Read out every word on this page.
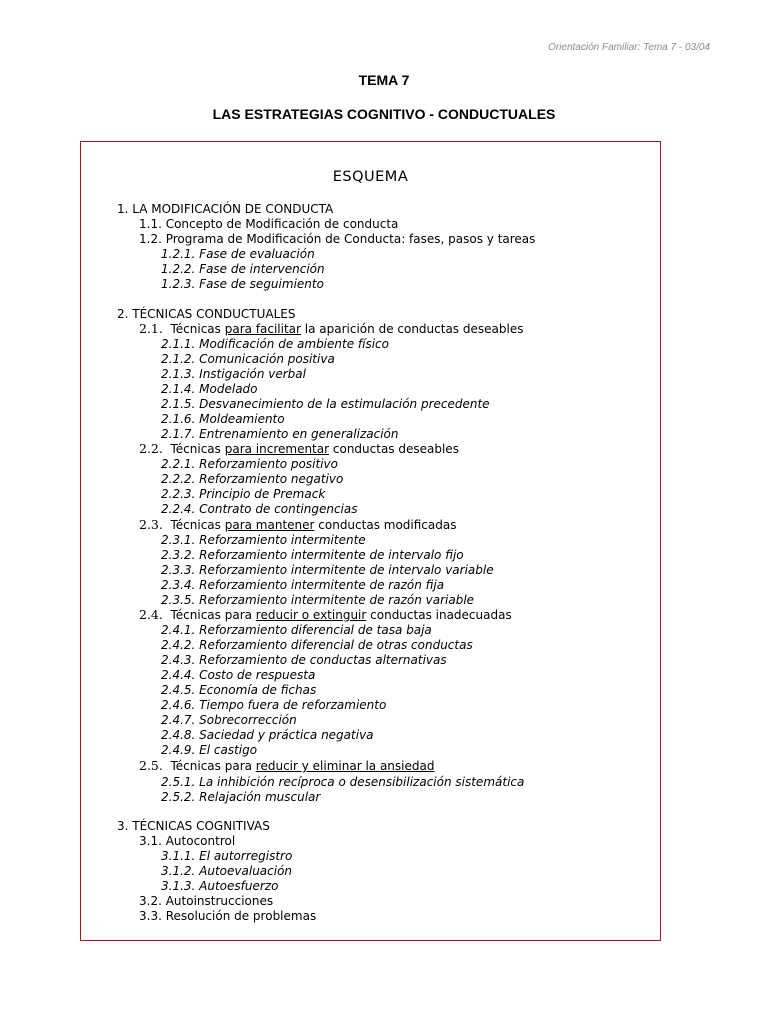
Orientación Familiar: Tema 7 - 03/04
TEMA 7
LAS ESTRATEGIAS COGNITIVO - CONDUCTUALES
ESQUEMA
1. LA MODIFICACIÓN DE CONDUCTA
1.1. Concepto de Modificación de conducta
1.2. Programa de Modificación de Conducta: fases, pasos y tareas
1.2.1. Fase de evaluación
1.2.2. Fase de intervención
1.2.3. Fase de seguimiento
2. TÉCNICAS CONDUCTUALES
2.1.  Técnicas para facilitar la aparición de conductas deseables
2.1.1. Modificación de ambiente físico
2.1.2. Comunicación positiva
2.1.3. Instigación verbal
2.1.4. Modelado
2.1.5. Desvanecimiento de la estimulación precedente
2.1.6. Moldeamiento
2.1.7. Entrenamiento en generalización
2.2.  Técnicas para incrementar conductas deseables
2.2.1. Reforzamiento positivo
2.2.2. Reforzamiento negativo
2.2.3. Principio de Premack
2.2.4. Contrato de contingencias
2.3.  Técnicas para mantener conductas modificadas
2.3.1. Reforzamiento intermitente
2.3.2. Reforzamiento intermitente de intervalo fijo
2.3.3. Reforzamiento intermitente de intervalo variable
2.3.4. Reforzamiento intermitente de razón fija
2.3.5. Reforzamiento intermitente de razón variable
2.4.  Técnicas para reducir o extinguir conductas inadecuadas
2.4.1. Reforzamiento diferencial de tasa baja
2.4.2. Reforzamiento diferencial de otras conductas
2.4.3. Reforzamiento de conductas alternativas
2.4.4. Costo de respuesta
2.4.5. Economía de fichas
2.4.6. Tiempo fuera de reforzamiento
2.4.7. Sobrecorrección
2.4.8. Saciedad y práctica negativa
2.4.9. El castigo
2.5.  Técnicas para reducir y eliminar la ansiedad
2.5.1. La inhibición recíproca o desensibilización sistemática
2.5.2. Relajación muscular
3. TÉCNICAS COGNITIVAS
3.1. Autocontrol
3.1.1. El autorregistro
3.1.2. Autoevaluación
3.1.3. Autoesfuerzo
3.2. Autoinstrucciones
3.3. Resolución de problemas
